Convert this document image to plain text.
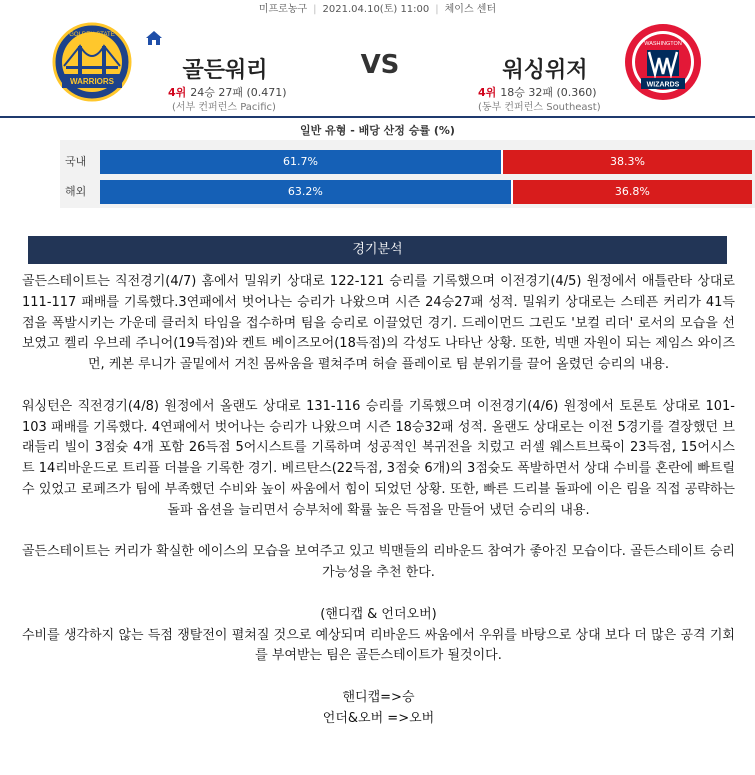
미프로농구 | 2021.04.10(토) 11:00 | 체이스 센터
WARRIORS
GOLDEN STATE
골든워리	VS	워싱위저
4위 24승 27패 (0.471)
(서부 컨퍼런스 Pacific)
4위 18승 32패 (0.360)
(동부 컨퍼런스 Southeast)
WIZARDS
WASHINGTON
일반 유형 - 배당 산정 승률 (%)
국내	61.7%	38.3%
해외	63.2%	36.8%
경기분석

골든스테이트는 직전경기(4/7) 홈에서 밀워키 상대로 122-121 승리를 기록했으며 이전경기(4/5) 원정에서 애틀란타 상대로 111-117 패배를 기록했다.3연패에서 벗어나는 승리가 나왔으며 시즌 24승27패 성적. 밀워키 상대로는 스테픈 커리가 41득점을 폭발시키는 가운데 클러치 타임을 접수하며 팀을 승리로 이끌었던 경기. 드레이먼드 그린도 '보컬 리더' 로서의 모습을 선보였고 켈리 우브레 주니어(19득점)와 켄트 베이즈모어(18득점)의 각성도 나타난 상황. 또한, 빅맨 자원이 되는 제임스 와이즈먼, 케본 루니가 골밑에서 거친 몸싸움을 펼쳐주며 허슬 플레이로 팀 분위기를 끌어 올렸던 승리의 내용.

워싱턴은 직전경기(4/8) 원정에서 올랜도 상대로 131-116 승리를 기록했으며 이전경기(4/6) 원정에서 토론토 상대로 101-103 패배를 기록했다. 4연패에서 벗어나는 승리가 나왔으며 시즌 18승32패 성적. 올랜도 상대로는 이전 5경기를 결장했던 브래들리 빌이 3점슛 4개 포함 26득점 5어시스트를 기록하며 성공적인 복귀전을 치렀고 러셀 웨스트브룩이 23득점, 15어시스트 14리바운드로 트리플 더블을 기록한 경기. 베르탄스(22득점, 3점슛 6개)의 3점슛도 폭발하면서 상대 수비를 혼란에 빠트릴수 있었고 로페즈가 팀에 부족했던 수비와 높이 싸움에서 힘이 되었던 상황. 또한, 빠른 드리블 돌파에 이은 림을 직접 공략하는 돌파 옵션을 늘리면서 승부처에 확률 높은 득점을 만들어 냈던 승리의 내용.

골든스테이트는 커리가 확실한 에이스의 모습을 보여주고 있고 빅맨들의 리바운드 참여가 좋아진 모습이다. 골든스테이트 승리 가능성을 추천 한다.

(핸디캡 & 언더오버)

수비를 생각하지 않는 득점 쟁탈전이 펼쳐질 것으로 예상되며 리바운드 싸움에서 우위를 바탕으로 상대 보다 더 많은 공격 기회를 부여받는 팀은 골든스테이트가 될것이다.

핸디캡=>승
언더&오버 =>오버
